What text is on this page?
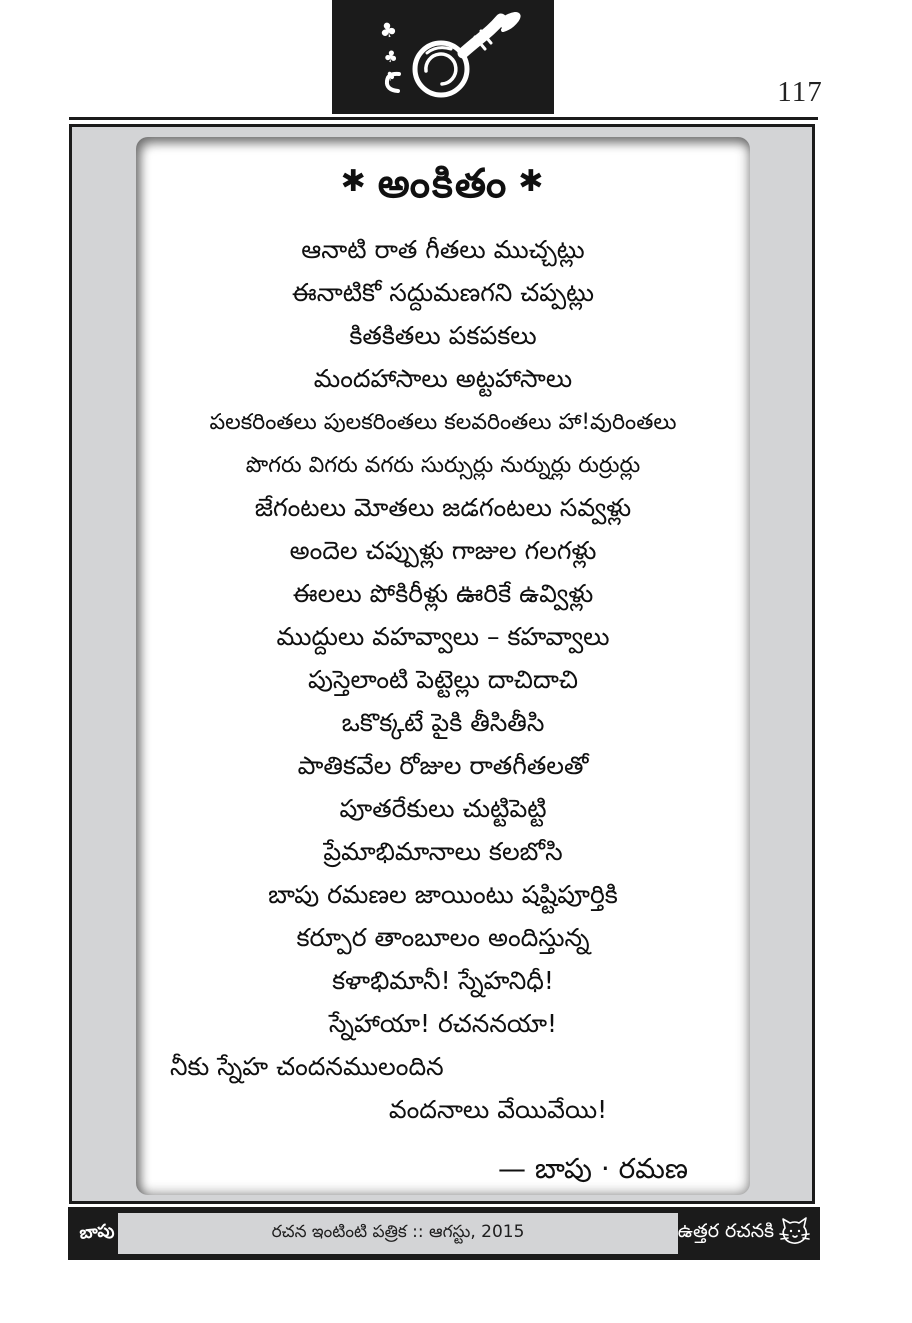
♣
♣
♣	117
✱ అంకితం ✱
ఆనాటి రాత గీతలు ముచ్చట్లు
ఈనాటికో సద్దుమణగని చప్పట్లు
కితకితలు పకపకలు
మందహాసాలు అట్టహాసాలు
పలకరింతలు పులకరింతలు కలవరింతలు హా!వురింతలు
పొగరు విగరు వగరు సుర్సుర్లు నుర్నుర్లు రుర్రుర్లు
జేగంటలు మోతలు జడగంటలు సవ్వళ్లు
అందెల చప్పుళ్లు గాజుల గలగళ్లు
ఈలలు పోకిరీళ్లు ఊరికే ఉవ్విళ్లు
ముద్దులు వహవ్వాలు – కహవ్వాలు
పుస్తెలాంటి పెట్టెల్లు దాచిదాచి
ఒకొక్కటే పైకి తీసితీసి
పాతికవేల రోజుల రాతగీతలతో
పూతరేకులు చుట్టిపెట్టి
ప్రేమాభిమానాలు కలబోసి
బాపు రమణల జాయింటు షష్టిపూర్తికి
కర్పూర తాంబూలం అందిస్తున్న
కళాభిమానీ! స్నేహనిధీ!
స్నేహాయా! రచననయా!
నీకు స్నేహ చందనములందిన
వందనాలు వేయివేయి!
— బాపు · రమణ
బాపు	రచన ఇంటింటి పత్రిక :: ఆగస్టు, 2015	ఉత్తర రచనకి
